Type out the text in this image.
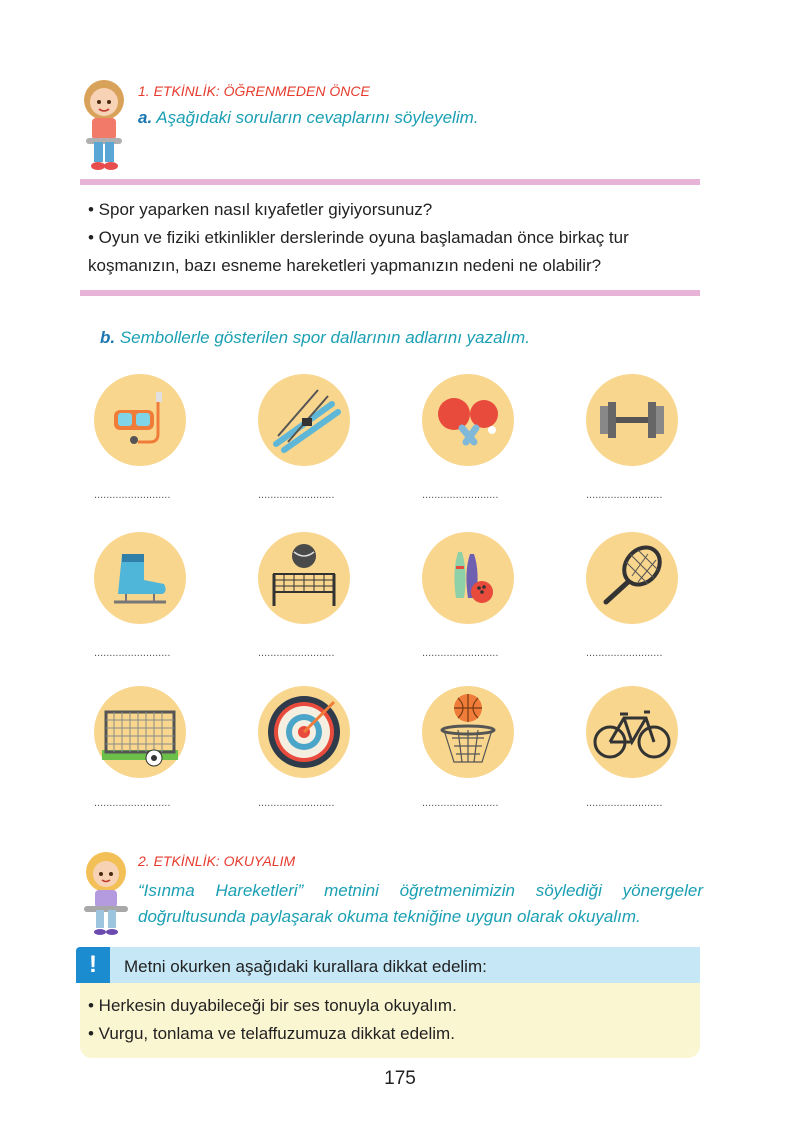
1. ETKİNLİK: ÖĞRENMEDEN ÖNCE
a. Aşağıdaki soruların cevaplarını söyleyelim.
• Spor yaparken nasıl kıyafetler giyiyorsunuz?
• Oyun ve fiziki etkinlikler derslerinde oyuna başlamadan önce birkaç tur koşmanızın, bazı esneme hareketleri yapmanızın nedeni ne olabilir?
b. Sembollerle gösterilen spor dallarının adlarını yazalım.
.........................	.........................	.........................	.........................
.........................	.........................	.........................	.........................
.........................	.........................	.........................	.........................
2. ETKİNLİK: OKUYALIM
“Isınma Hareketleri” metnini öğretmenimizin söylediği yönergeler doğrultusunda paylaşarak okuma tekniğine uygun olarak okuyalım.
!	Metni okurken aşağıdaki kurallara dikkat edelim:
• Herkesin duyabileceği bir ses tonuyla okuyalım.
• Vurgu, tonlama ve telaffuzumuza dikkat edelim.
175
